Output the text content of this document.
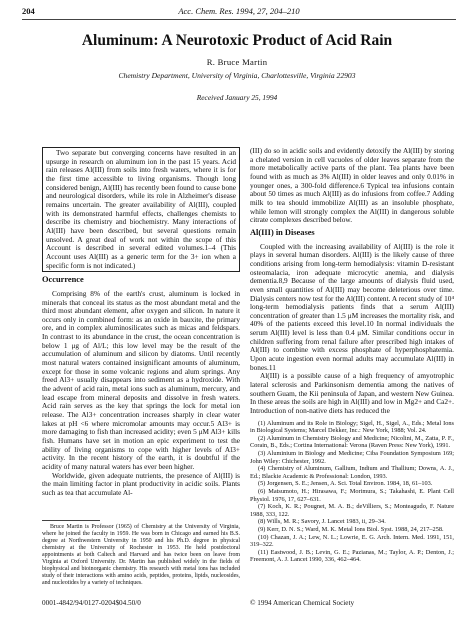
204	Acc. Chem. Res. 1994, 27, 204–210
Aluminum: A Neurotoxic Product of Acid Rain
R. Bruce Martin
Chemistry Department, University of Virginia, Charlottesville, Virginia 22903
Received January 25, 1994

Two separate but converging concerns have resulted in an upsurge in research on aluminum ion in the past 15 years. Acid rain releases Al(III) from soils into fresh waters, where it is for the first time accessible to living organisms. Though long considered benign, Al(III) has recently been found to cause bone and neurological disorders, while its role in Alzheimer's disease remains uncertain. The greater availability of Al(III), coupled with its demonstrated harmful effects, challenges chemists to describe its chemistry and biochemistry. Many interactions of Al(III) have been described, but several questions remain unsolved. A great deal of work not within the scope of this Account is described in several edited volumes.1–4 (This Account uses Al(III) as a generic term for the 3+ ion when a specific form is not indicated.)

Occurrence

Comprising 8% of the earth's crust, aluminum is locked in minerals that conceal its status as the most abundant metal and the third most abundant element, after oxygen and silicon. In nature it occurs only in combined form: as an oxide in bauxite, the primary ore, and in complex aluminosilicates such as micas and feldspars. In contrast to its abundance in the crust, the ocean concentration is below 1 μg of Al/L; this low level may be the result of the accumulation of aluminum and silicon by diatoms. Until recently most natural waters contained insignificant amounts of aluminum, except for those in some volcanic regions and alum springs. Any freed Al3+ usually disappears into sediment as a hydroxide. With the advent of acid rain, metal ions such as aluminum, mercury, and lead escape from mineral deposits and dissolve in fresh waters. Acid rain serves as the key that springs the lock for metal ion release. The Al3+ concentration increases sharply in clear water lakes at pH <6 where micromolar amounts may occur.5 Al3+ is more damaging to fish than increased acidity; even 5 μM Al3+ kills fish. Humans have set in motion an epic experiment to test the ability of living organisms to cope with higher levels of Al3+ activity. In the recent history of the earth, it is doubtful if the acidity of many natural waters has ever been higher.

Worldwide, given adequate nutrients, the presence of Al(III) is the main limiting factor in plant productivity in acidic soils. Plants such as tea that accumulate Al-

Bruce Martin is Professor (1965) of Chemistry at the University of Virginia, where he joined the faculty in 1959. He was born in Chicago and earned his B.S. degree at Northwestern University in 1950 and his Ph.D. degree in physical chemistry at the University of Rochester in 1953. He held postdoctoral appointments at both Caltech and Harvard and has twice been on leave from Virginia at Oxford University. Dr. Martin has published widely in the fields of biophysical and bioinorganic chemistry. His research with metal ions has included study of their interactions with amino acids, peptides, proteins, lipids, nucleosides, and nucleotides by a variety of techniques.

(III) do so in acidic soils and evidently detoxify the Al(III) by storing a chelated version in cell vacuoles of older leaves separate from the more metabolically active parts of the plant. Tea plants have been found with as much as 3% Al(III) in older leaves and only 0.01% in younger ones, a 300-fold difference.6 Typical tea infusions contain about 50 times as much Al(III) as do infusions from coffee.7 Adding milk to tea should immobilize Al(III) as an insoluble phosphate, while lemon will strongly complex the Al(III) in dangerous soluble citrate complexes described below.

Al(III) in Diseases

Coupled with the increasing availability of Al(III) is the role it plays in several human disorders. Al(III) is the likely cause of three conditions arising from long-term hemodialysis: vitamin D-resistant osteomalacia, iron adequate microcytic anemia, and dialysis dementia.8,9 Because of the large amounts of dialysis fluid used, even small quantities of Al(III) may become deleterious over time. Dialysis centers now test for the Al(III) content. A recent study of 10⁴ long-term hemodialysis patients finds that a serum Al(III) concentration of greater than 1.5 μM increases the mortality risk, and 40% of the patients exceed this level.10 In normal individuals the serum Al(III) level is less than 0.4 μM. Similar conditions occur in children suffering from renal failure after prescribed high intakes of Al(III) to combine with excess phosphate of hyperphosphatemia. Upon acute ingestion even normal adults may accumulate Al(III) in bones.11

Al(III) is a possible cause of a high frequency of amyotrophic lateral sclerosis and Parkinsonism dementia among the natives of southern Guam, the Kii peninsula of Japan, and western New Guinea. In these areas the soils are high in Al(III) and low in Mg2+ and Ca2+. Introduction of non-native diets has reduced the

(1) Aluminum and its Role in Biology; Sigel, H., Sigel, A., Eds.; Metal Ions in Biological Systems; Marcel Dekker, Inc.: New York, 1988; Vol. 24.
(2) Aluminum in Chemistry Biology and Medicine; Nicolini, M., Zatta, P. F., Corain, B., Eds.; Cortina International: Verona (Raven Press: New York), 1991.
(3) Aluminium in Biology and Medicine; Ciba Foundation Symposium 169; John Wiley: Chichester, 1992.
(4) Chemistry of Aluminum, Gallium, Indium and Thallium; Downs, A. J., Ed.; Blackie Academic & Professional: London, 1993.
(5) Jorgensen, S. E.; Jensen, A. Sci. Total Environ. 1984, 18, 61–103.
(6) Matsumoto, H.; Hirasawa, F.; Morimura, S.; Takahashi, E. Plant Cell Physiol. 1976, 17, 627–631.
(7) Koch, K. R.; Pougnet, M. A. B.; deVilliers, S.; Monteagudo, F. Nature 1988, 333, 122.
(8) Wills, M. R.; Savory, J. Lancet 1983, ii, 29–34.
(9) Kerr, D. N. S.; Ward, M. K. Metal Ions Biol. Syst. 1988, 24, 217–258.
(10) Chazan, J. A.; Lew, N. L.; Lowrie, E. G. Arch. Intern. Med. 1991, 151, 319–322.
(11) Eastwood, J. B.; Levin, G. E.; Pazianas, M.; Taylor, A. P.; Denton, J.; Freemont, A. J. Lancet 1990, 336, 462–464.
0001-4842/94/0127-0204$04.50/0	© 1994 American Chemical Society
